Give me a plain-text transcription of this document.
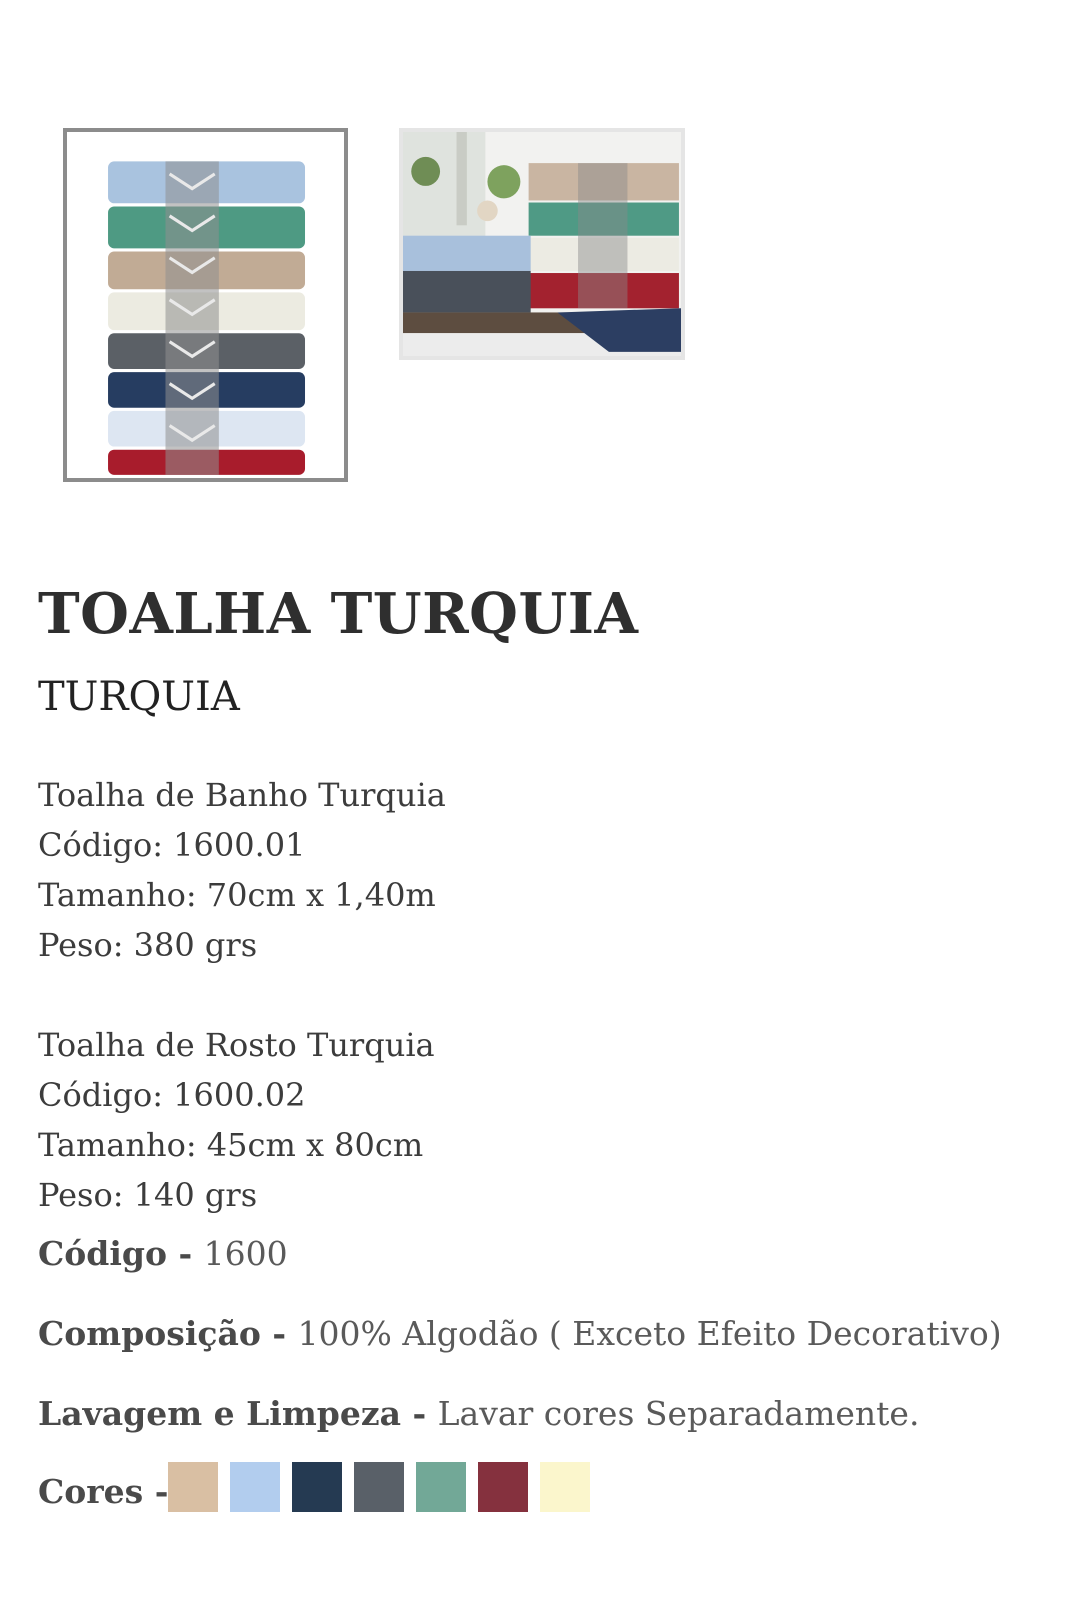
TOALHA TURQUIA
TURQUIA
Toalha de Banho Turquia
Código: 1600.01
Tamanho: 70cm x 1,40m
Peso: 380 grs
Toalha de Rosto Turquia
Código: 1600.02
Tamanho: 45cm x 80cm
Peso: 140 grs
Código - 1600
Composição - 100% Algodão ( Exceto Efeito Decorativo)
Lavagem e Limpeza - Lavar cores Separadamente.
Cores -
